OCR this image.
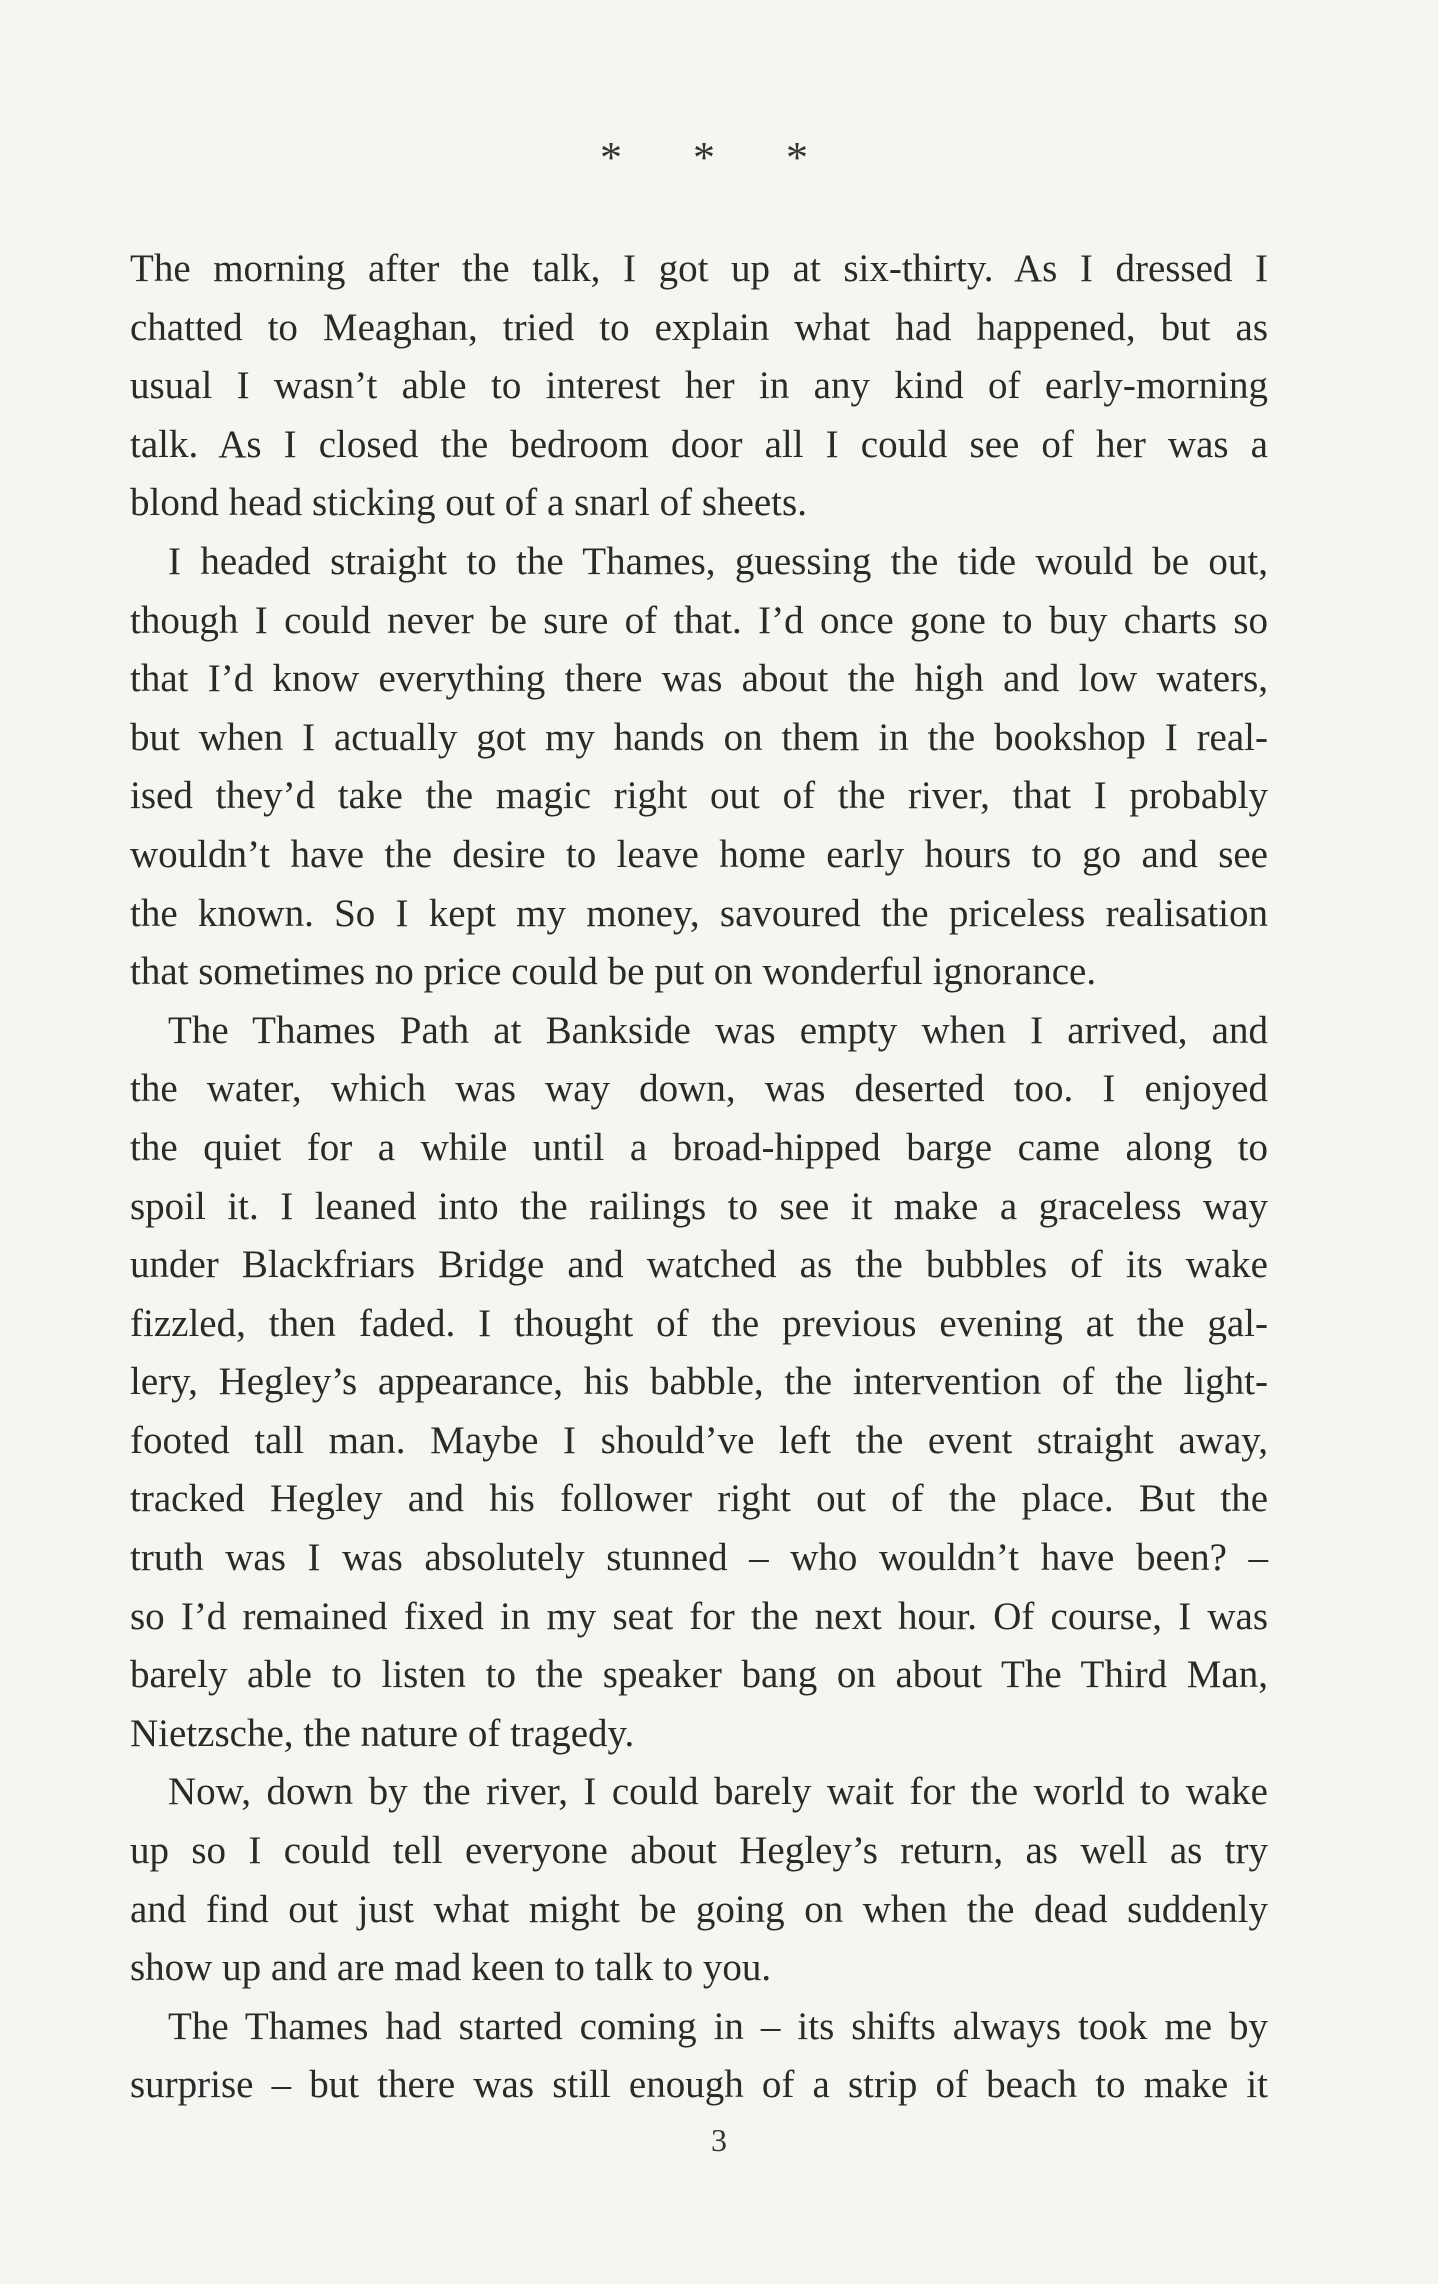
* * *
The morning after the talk, I got up at six-thirty. As I dressed I
chatted to Meaghan, tried to explain what had happened, but as
usual I wasn’t able to interest her in any kind of early-morning
talk. As I closed the bedroom door all I could see of her was a
blond head sticking out of a snarl of sheets.
I headed straight to the Thames, guessing the tide would be out,
though I could never be sure of that. I’d once gone to buy charts so
that I’d know everything there was about the high and low waters,
but when I actually got my hands on them in the bookshop I real-
ised they’d take the magic right out of the river, that I probably
wouldn’t have the desire to leave home early hours to go and see
the known. So I kept my money, savoured the priceless realisation
that sometimes no price could be put on wonderful ignorance.
The Thames Path at Bankside was empty when I arrived, and
the water, which was way down, was deserted too. I enjoyed
the quiet for a while until a broad-hipped barge came along to
spoil it. I leaned into the railings to see it make a graceless way
under Blackfriars Bridge and watched as the bubbles of its wake
fizzled, then faded. I thought of the previous evening at the gal-
lery, Hegley’s appearance, his babble, the intervention of the light-
footed tall man. Maybe I should’ve left the event straight away,
tracked Hegley and his follower right out of the place. But the
truth was I was absolutely stunned – who wouldn’t have been? –
so I’d remained fixed in my seat for the next hour. Of course, I was
barely able to listen to the speaker bang on about The Third Man,
Nietzsche, the nature of tragedy.
Now, down by the river, I could barely wait for the world to wake
up so I could tell everyone about Hegley’s return, as well as try
and find out just what might be going on when the dead suddenly
show up and are mad keen to talk to you.
The Thames had started coming in – its shifts always took me by
surprise – but there was still enough of a strip of beach to make it
3
